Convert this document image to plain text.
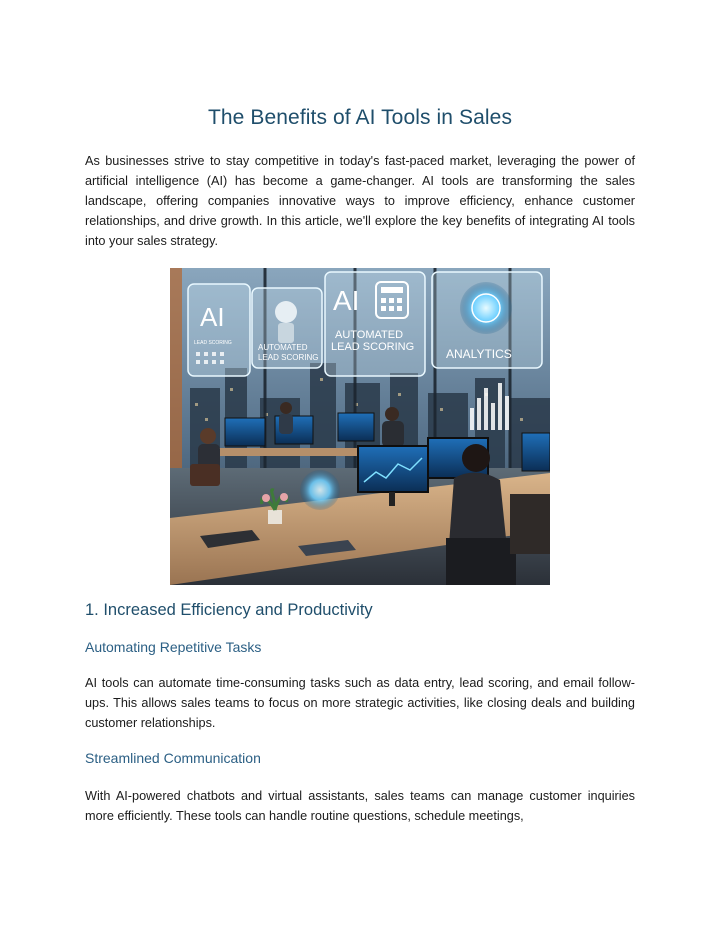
The Benefits of AI Tools in Sales

As businesses strive to stay competitive in today's fast-paced market, leveraging the power of artificial intelligence (AI) has become a game-changer. AI tools are transforming the sales landscape, offering companies innovative ways to improve efficiency, enhance customer relationships, and drive growth. In this article, we'll explore the key benefits of integrating AI tools into your sales strategy.

AI
LEAD SCORING	AUTOMATED
LEAD SCORING
AI
AUTOMATED
LEAD SCORING	ANALYTICS
1. Increased Efficiency and Productivity
Automating Repetitive Tasks

AI tools can automate time-consuming tasks such as data entry, lead scoring, and email follow-ups. This allows sales teams to focus on more strategic activities, like closing deals and building customer relationships.

Streamlined Communication

With AI-powered chatbots and virtual assistants, sales teams can manage customer inquiries more efficiently. These tools can handle routine questions, schedule meetings,
